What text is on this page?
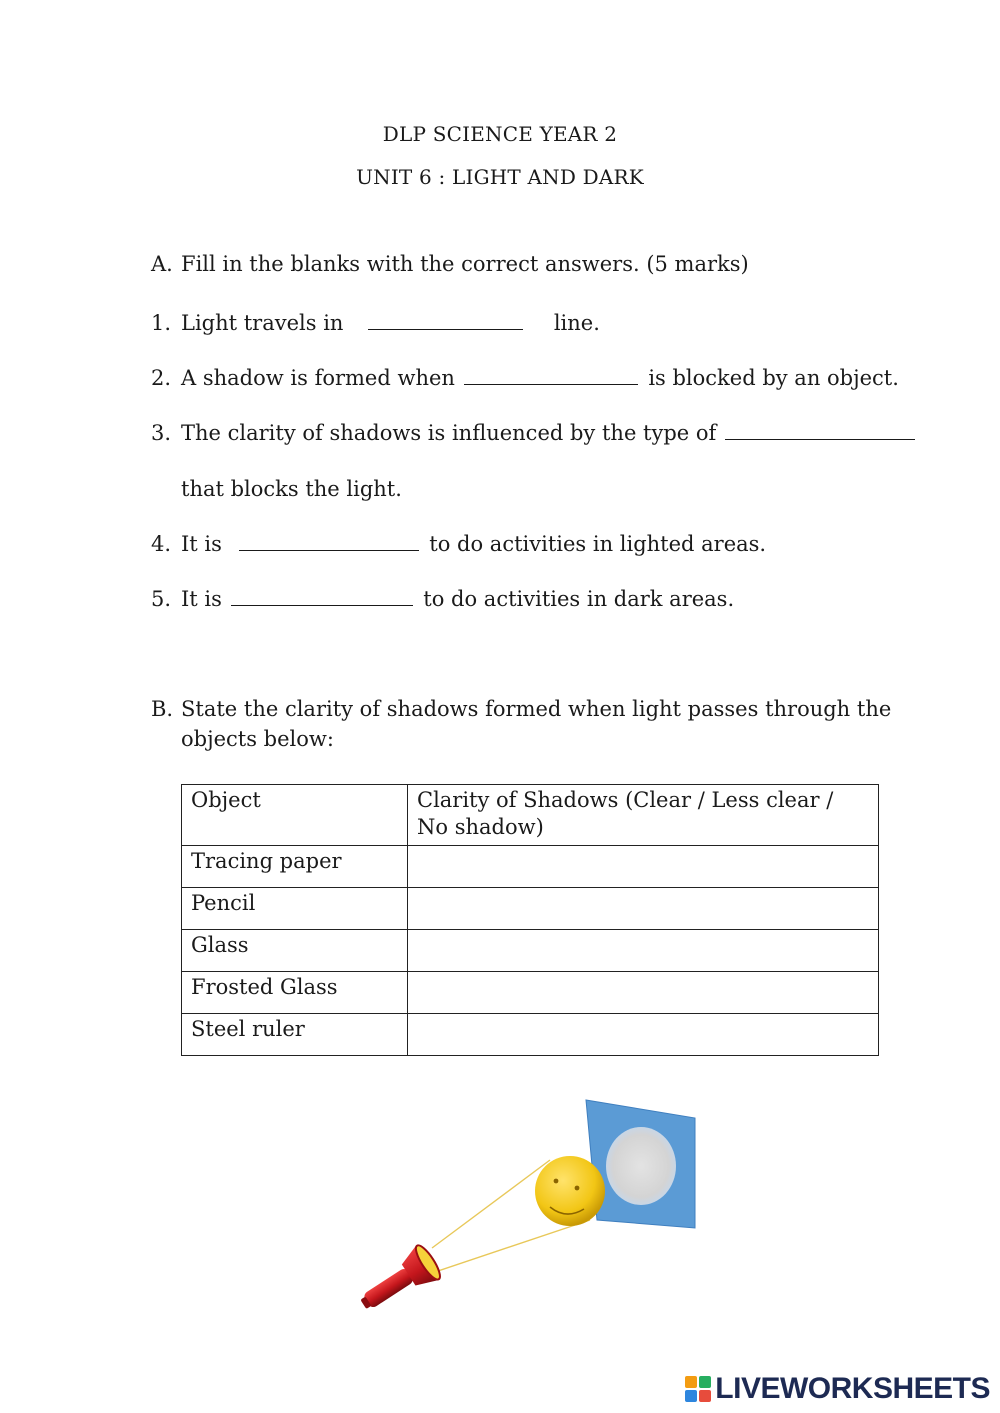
DLP SCIENCE YEAR 2
UNIT 6 : LIGHT AND DARK
A. Fill in the blanks with the correct answers. (5 marks)
1. Light travels in	line.
2. A shadow is formed when	is blocked by an object.
3. The clarity of shadows is influenced by the type of
that blocks the light.
4. It is	to do activities in lighted areas.
5. It is	to do activities in dark areas.
B. State the clarity of shadows formed when light passes through the
objects below:
Object	Clarity of Shadows (Clear / Less clear / No shadow)
Tracing paper	
Pencil	
Glass	
Frosted Glass	
Steel ruler	
LIVEWORKSHEETS
